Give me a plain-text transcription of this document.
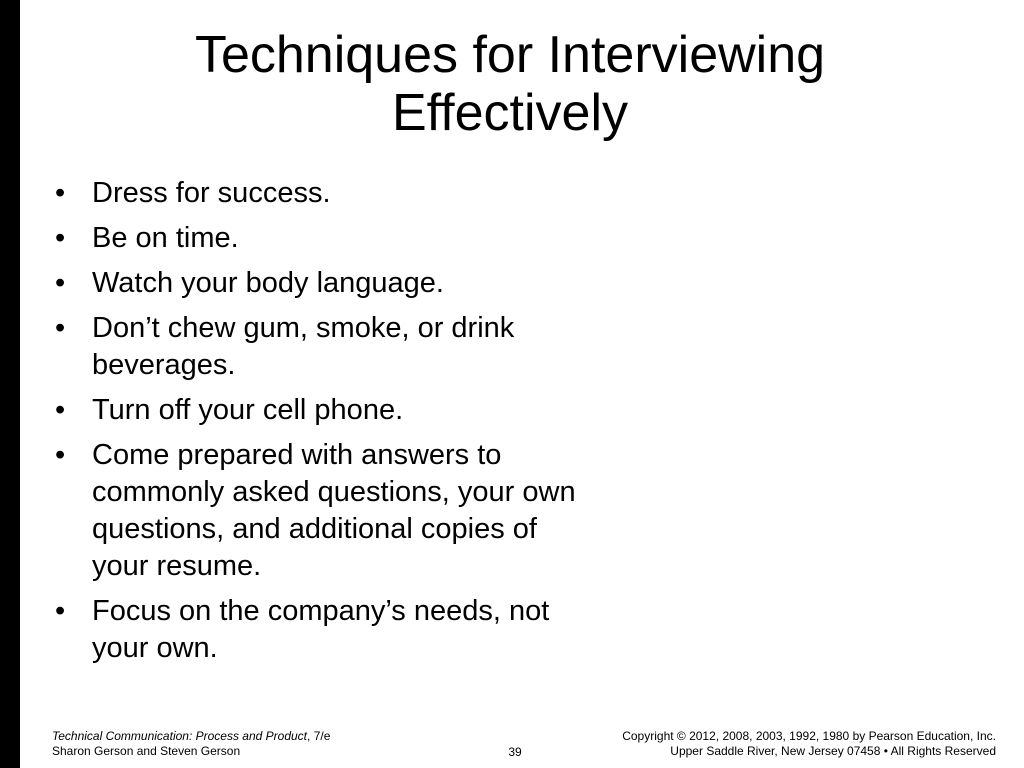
Techniques for Interviewing
Effectively
• Dress for success.
• Be on time.
• Watch your body language.
• Don’t chew gum, smoke, or drink
beverages.
• Turn off your cell phone.
• Come prepared with answers to
commonly asked questions, your own
questions, and additional copies of
your resume.
• Focus on the company’s needs, not
your own.
Technical Communication: Process and Product, 7/e
Sharon Gerson and Steven Gerson	39
Copyright © 2012, 2008, 2003, 1992, 1980 by Pearson Education, Inc.
Upper Saddle River, New Jersey 07458 • All Rights Reserved
